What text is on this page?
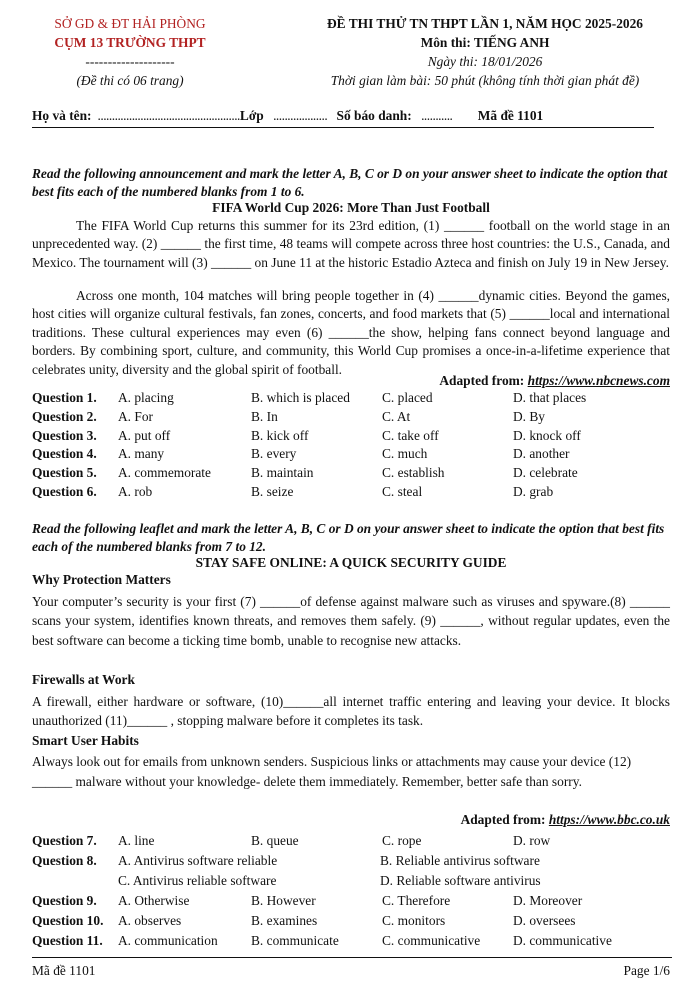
SỞ GD & ĐT HẢI PHÒNG
CỤM 13 TRƯỜNG THPT
--------------------
(Đề thi có 06 trang)
ĐỀ THI THỬ TN THPT LẦN 1, NĂM HỌC 2025-2026
Môn thi: TIẾNG ANH
Ngày thi: 18/01/2026
Thời gian làm bài: 50 phút (không tính thời gian phát đề)
Họ và tên: ..................................................Lớp ................... Số báo danh: ........... Mã đề 1101
Read the following announcement and mark the letter A, B, C or D on your answer sheet to indicate the option that best fits each of the numbered blanks from 1 to 6.
FIFA World Cup 2026: More Than Just Football
The FIFA World Cup returns this summer for its 23rd edition, (1) ______ football on the world stage in an unprecedented way. (2) ______ the first time, 48 teams will compete across three host countries: the U.S., Canada, and Mexico. The tournament will (3) ______ on June 11 at the historic Estadio Azteca and finish on July 19 in New Jersey.
Across one month, 104 matches will bring people together in (4) ______dynamic cities. Beyond the games, host cities will organize cultural festivals, fan zones, concerts, and food markets that (5) ______local and international traditions. These cultural experiences may even (6) ______the show, helping fans connect beyond language and borders. By combining sport, culture, and community, this World Cup promises a once-in-a-lifetime experience that celebrates unity, diversity and the global spirit of football.
Adapted from: https://www.nbcnews.com
Question 1. A. placing	B. which is placed C. placed	D. that places
Question 2. A. For	B. In	C. At	D. By
Question 3. A. put off	B. kick off	C. take off	D. knock off
Question 4. A. many	B. every	C. much	D. another
Question 5. A. commemorate	B. maintain	C. establish	D. celebrate
Question 6. A. rob	B. seize	C. steal	D. grab
Read the following leaflet and mark the letter A, B, C or D on your answer sheet to indicate the option that best fits each of the numbered blanks from 7 to 12.
STAY SAFE ONLINE: A QUICK SECURITY GUIDE
Why Protection Matters
Your computer’s security is your first (7) ______of defense against malware such as viruses and spyware.(8) ______ scans your system, identifies known threats, and removes them safely. (9) ______, without regular updates, even the best software can become a ticking time bomb, unable to recognise new attacks.
Firewalls at Work
A firewall, either hardware or software, (10)______all internet traffic entering and leaving your device. It blocks unauthorized (11)______ , stopping malware before it completes its task.
Smart User Habits
Always look out for emails from unknown senders. Suspicious links or attachments may cause your device (12) ______ malware without your knowledge- delete them immediately. Remember, better safe than sorry.
Adapted from: https://www.bbc.co.uk
Question 7. A. line	B. queue	C. rope	D. row
Question 8. A. Antivirus software reliable	B. Reliable antivirus software
C. Antivirus reliable software	D. Reliable software antivirus
Question 9. A. Otherwise	B. However	C. Therefore	D. Moreover
Question 10. A. observes	B. examines	C. monitors	D. oversees
Question 11. A. communication B. communicate	C. communicative D. communicative
Mã đề 1101	Page 1/6
